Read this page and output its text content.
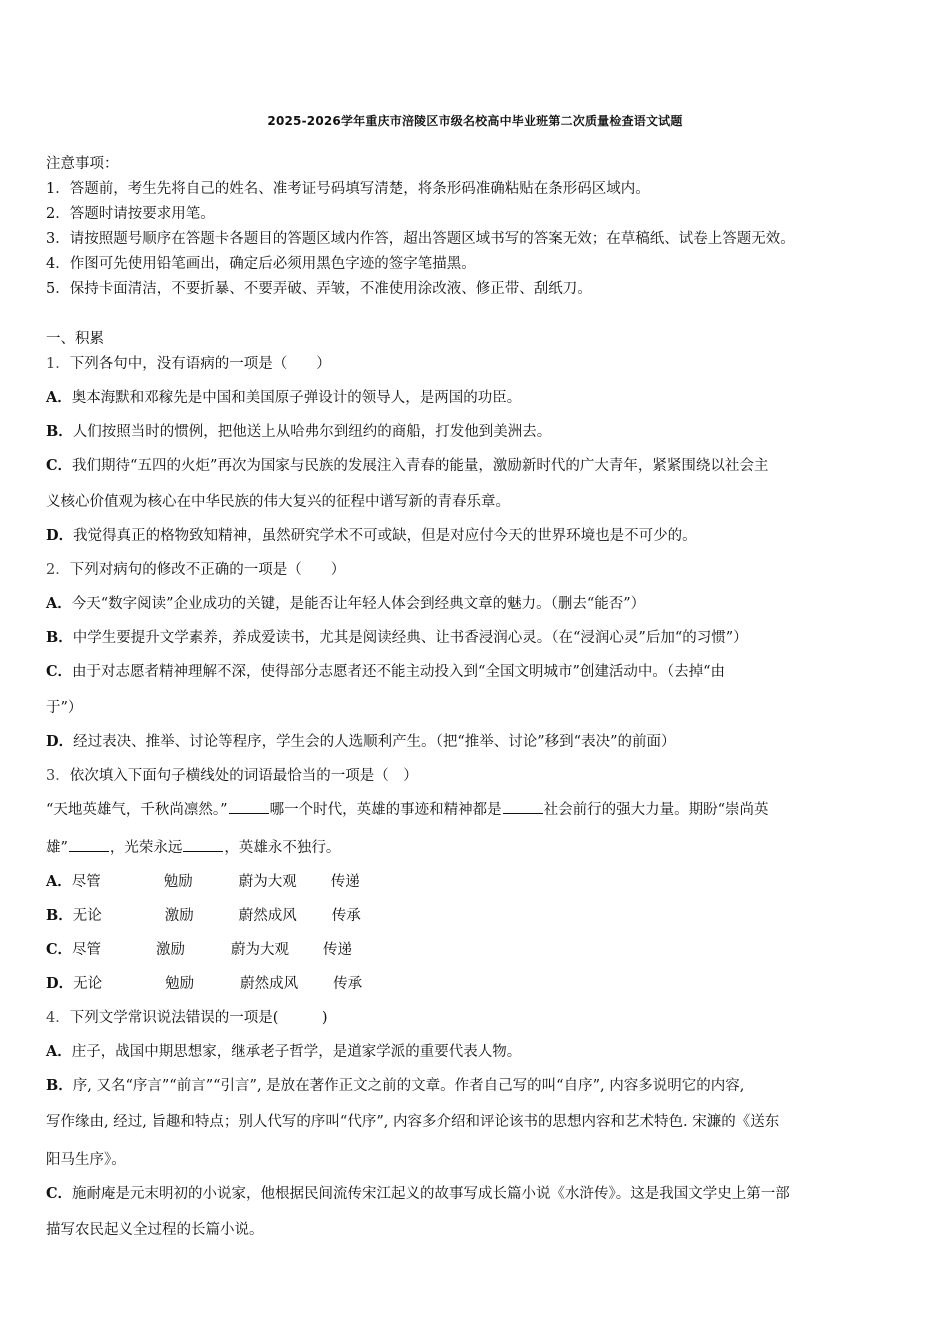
2025-2026学年重庆市涪陵区市级名校高中毕业班第二次质量检查语文试题
注意事项：
1．答题前，考生先将自己的姓名、准考证号码填写清楚，将条形码准确粘贴在条形码区域内。
2．答题时请按要求用笔。
3．请按照题号顺序在答题卡各题目的答题区域内作答，超出答题区域书写的答案无效；在草稿纸、试卷上答题无效。
4．作图可先使用铅笔画出，确定后必须用黑色字迹的签字笔描黑。
5．保持卡面清洁，不要折暴、不要弄破、弄皱，不准使用涂改液、修正带、刮纸刀。
一、积累
1．下列各句中，没有语病的一项是（　　）
A．奥本海默和邓稼先是中国和美国原子弹设计的领导人，是两国的功臣。
B．人们按照当时的惯例，把他送上从哈弗尔到纽约的商船，打发他到美洲去。
C．我们期待“五四的火炬”再次为国家与民族的发展注入青春的能量，激励新时代的广大青年，紧紧围绕以社会主
义核心价值观为核心在中华民族的伟大复兴的征程中谱写新的青春乐章。
D．我觉得真正的格物致知精神，虽然研究学术不可或缺，但是对应付今天的世界环境也是不可少的。
2．下列对病句的修改不正确的一项是（　　）
A．今天“数字阅读”企业成功的关键，是能否让年轻人体会到经典文章的魅力。（删去“能否”）
B．中学生要提升文学素养，养成爱读书，尤其是阅读经典、让书香浸润心灵。（在“浸润心灵”后加“的习惯”）
C．由于对志愿者精神理解不深，使得部分志愿者还不能主动投入到“全国文明城市”创建活动中。（去掉“由
于”）
D．经过表决、推举、讨论等程序，学生会的人选顺利产生。（把“推举、讨论”移到“表决”的前面）
3．依次填入下面句子横线处的词语最恰当的一项是（　）
“天地英雄气，千秋尚凛然。”	哪一个时代，英雄的事迹和精神都是	社会前行的强大力量。期盼“崇尚英
雄”	，光荣永远	，英雄永不独行。
A．尽管	勉励	蔚为大观 传递
B．无论	激励	蔚然成风 传承
C．尽管	激励	蔚为大观 传递
D．无论	勉励	蔚然成风 传承
4．下列文学常识说法错误的一项是(　　　)
A．庄子，战国中期思想家，继承老子哲学，是道家学派的重要代表人物。
B．序, 又名“序言”“前言”“引言”, 是放在著作正文之前的文章。作者自己写的叫“自序”, 内容多说明它的内容,
写作缘由, 经过, 旨趣和特点；别人代写的序叫“代序”, 内容多介绍和评论该书的思想内容和艺术特色. 宋濂的《送东
阳马生序》。
C．施耐庵是元末明初的小说家，他根据民间流传宋江起义的故事写成长篇小说《水浒传》。这是我国文学史上第一部
描写农民起义全过程的长篇小说。
